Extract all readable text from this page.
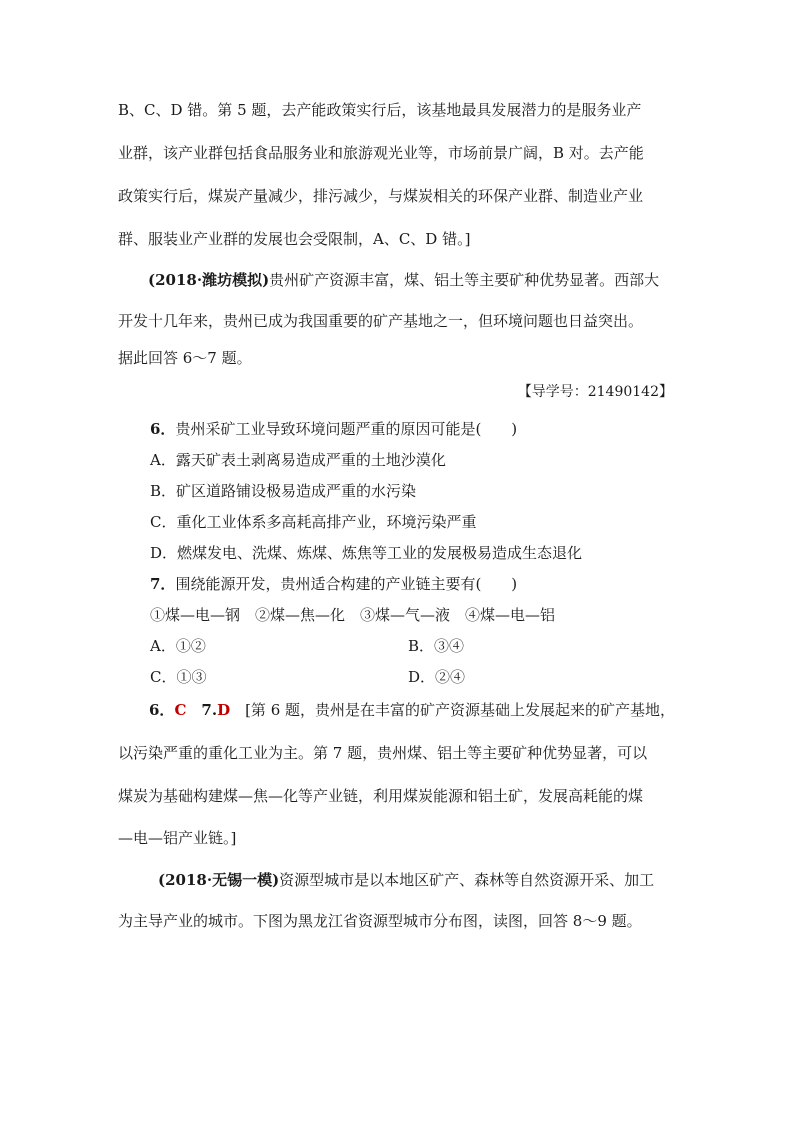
B、C、D 错。第 5 题，去产能政策实行后，该基地最具发展潜力的是服务业产
业群，该产业群包括食品服务业和旅游观光业等，市场前景广阔，B 对。去产能
政策实行后，煤炭产量减少，排污减少，与煤炭相关的环保产业群、制造业产业
群、服装业产业群的发展也会受限制，A、C、D 错。]
(2018·潍坊模拟)贵州矿产资源丰富，煤、铝土等主要矿种优势显著。西部大
开发十几年来，贵州已成为我国重要的矿产基地之一，但环境问题也日益突出。
据此回答 6～7 题。
【导学号：21490142】
6．贵州采矿工业导致环境问题严重的原因可能是(　　)
A．露天矿表土剥离易造成严重的土地沙漠化
B．矿区道路铺设极易造成严重的水污染
C．重化工业体系多高耗高排产业，环境污染严重
D．燃煤发电、洗煤、炼煤、炼焦等工业的发展极易造成生态退化
7．围绕能源开发，贵州适合构建的产业链主要有(　　)
①煤—电—钢　②煤—焦—化　③煤—气—液　④煤—电—铝
A．①②	B．③④
C．①③	D．②④
6．C  7.D  [第 6 题，贵州是在丰富的矿产资源基础上发展起来的矿产基地，
以污染严重的重化工业为主。第 7 题，贵州煤、铝土等主要矿种优势显著，可以
煤炭为基础构建煤—焦—化等产业链，利用煤炭能源和铝土矿，发展高耗能的煤
—电—铝产业链。]
(2018·无锡一模)资源型城市是以本地区矿产、森林等自然资源开采、加工
为主导产业的城市。下图为黑龙江省资源型城市分布图，读图，回答 8～9 题。
